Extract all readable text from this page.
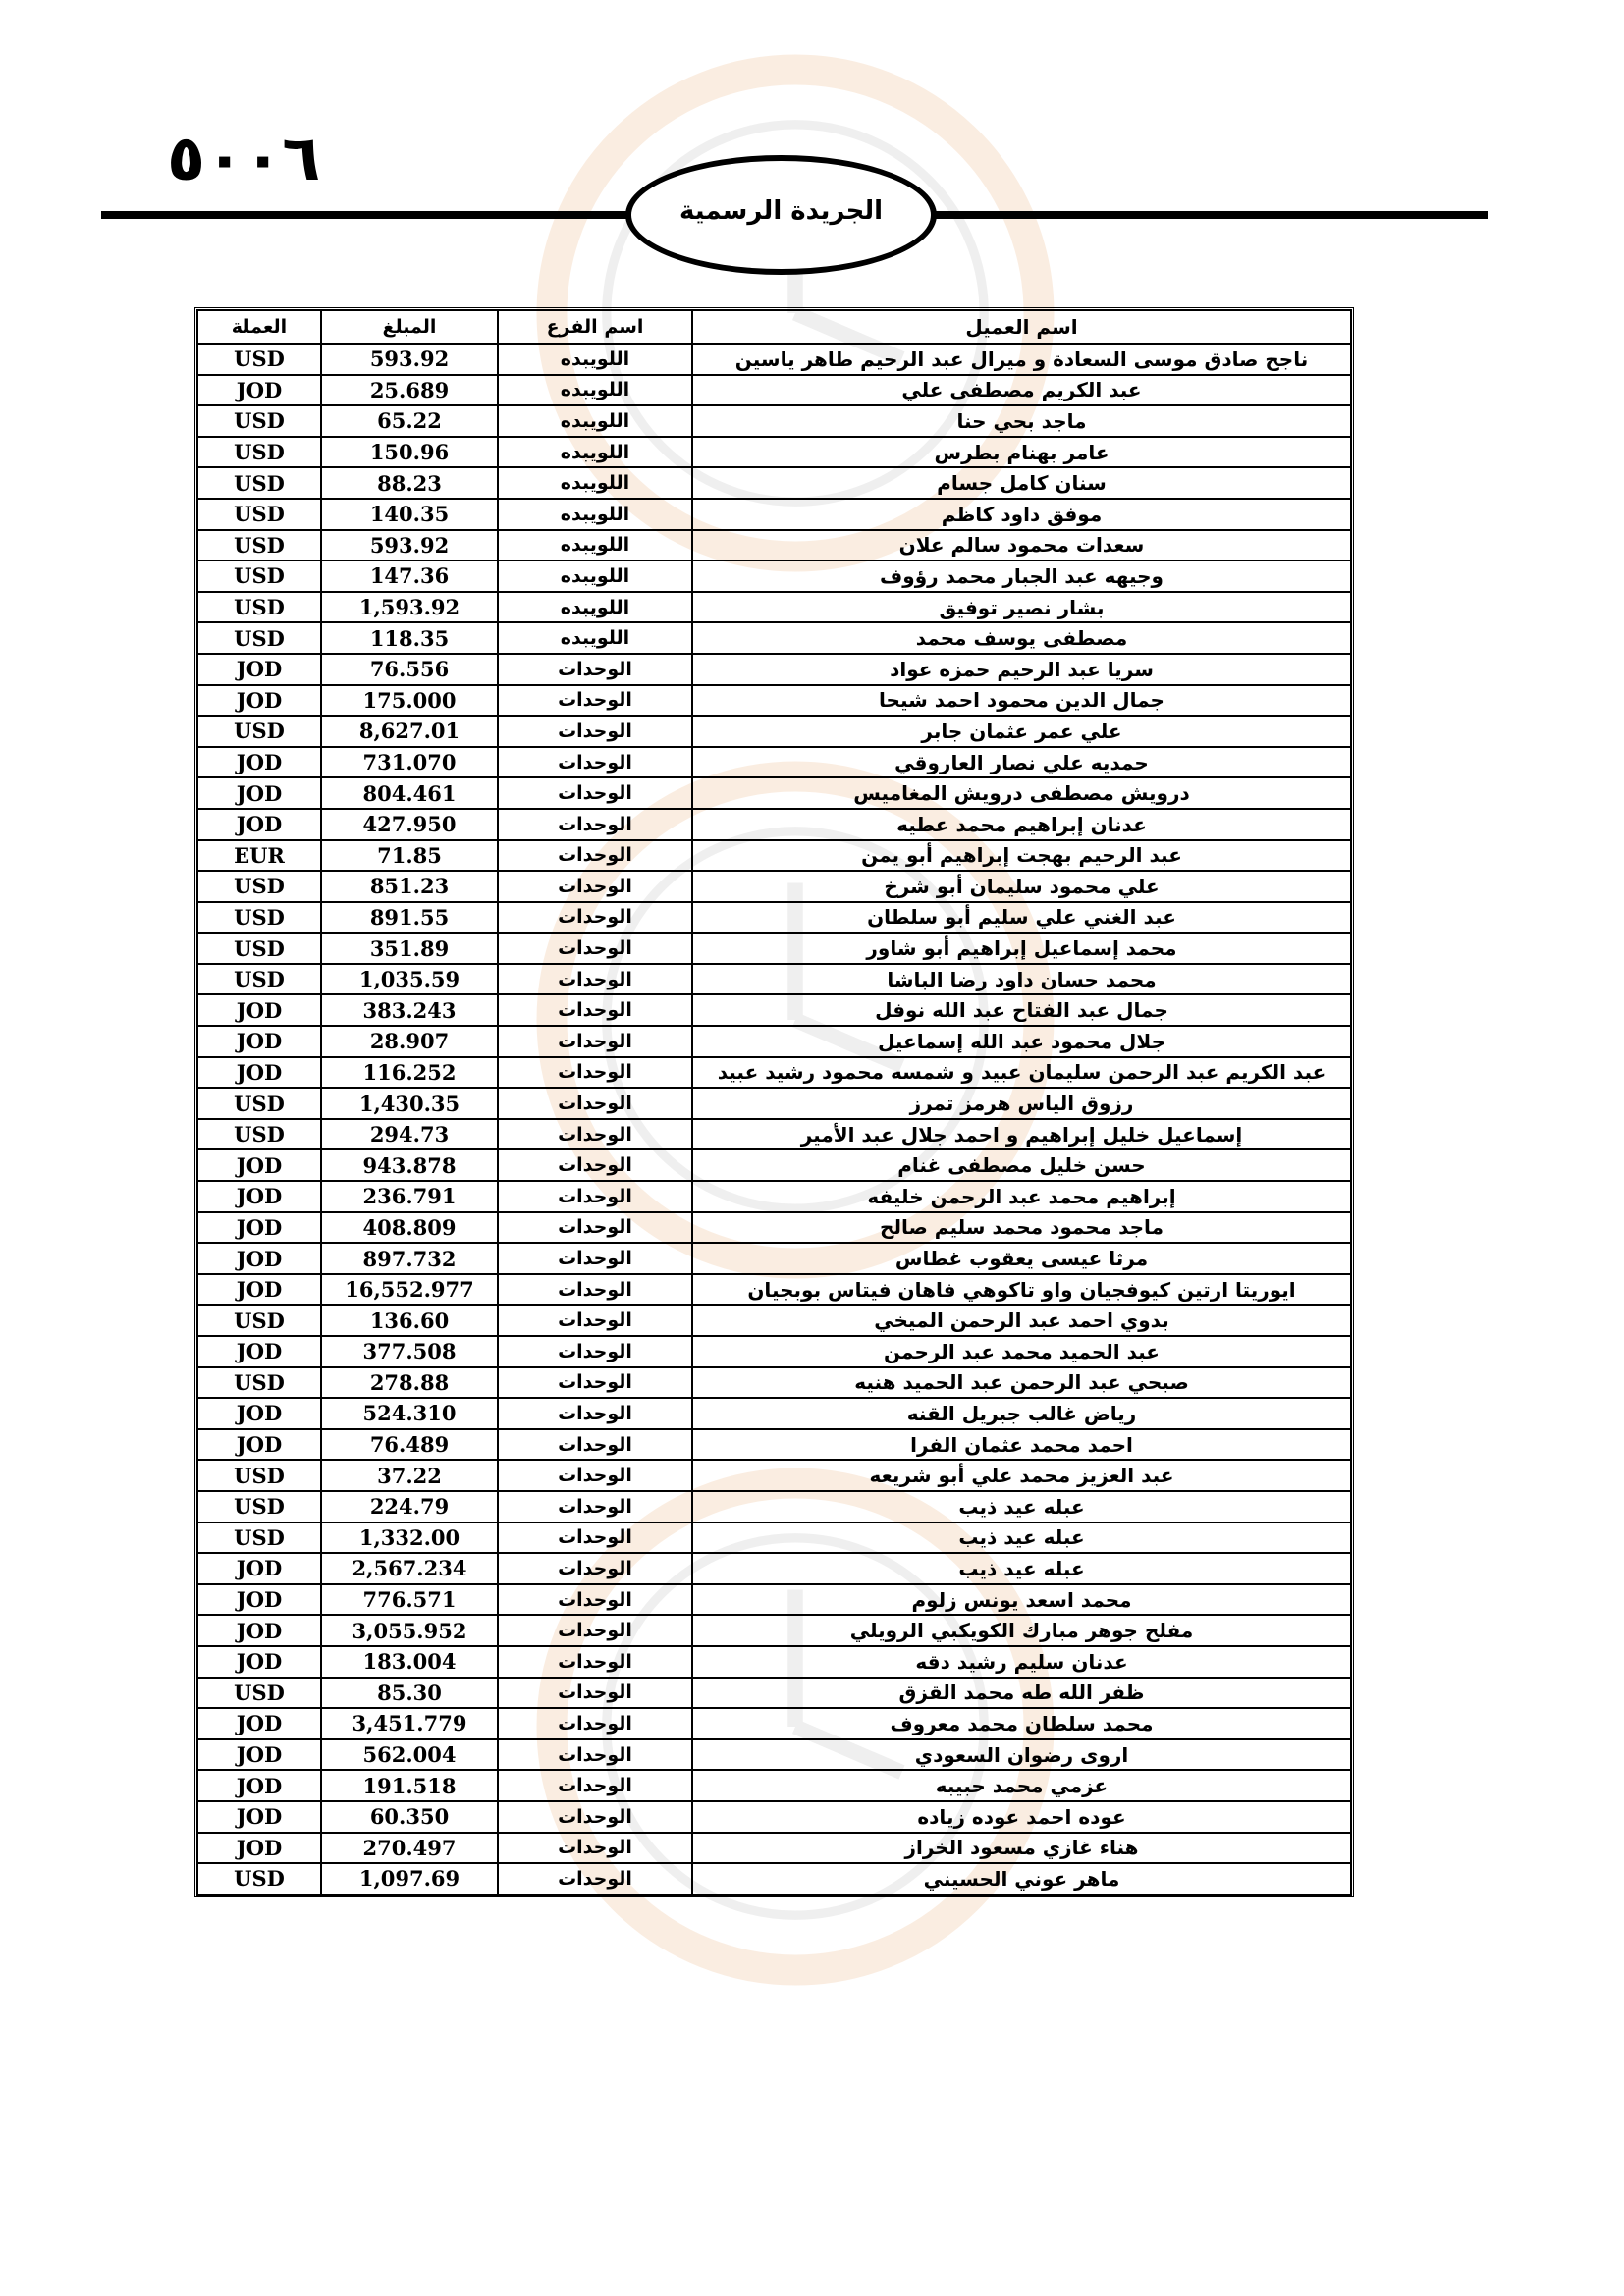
٥٠٠٦
الجريدة الرسمية
العملة	المبلغ	اسم الفرع	اسم العميل
USD	593.92	اللويبده	ناجح صادق موسى السعادة و ميرال عبد الرحيم طاهر ياسين
JOD	25.689	اللويبده	عبد الكريم مصطفى علي
USD	65.22	اللويبده	ماجد بحي حنا
USD	150.96	اللويبده	عامر بهنام بطرس
USD	88.23	اللويبده	سنان كامل جسام
USD	140.35	اللويبده	موفق داود كاظم
USD	593.92	اللويبده	سعدات محمود سالم علان
USD	147.36	اللويبده	وجيهه عبد الجبار محمد رؤوف
USD	1,593.92	اللويبده	بشار نصير توفيق
USD	118.35	اللويبده	مصطفى يوسف محمد
JOD	76.556	الوحدات	سريا عبد الرحيم حمزه عواد
JOD	175.000	الوحدات	جمال الدين محمود احمد شيحا
USD	8,627.01	الوحدات	علي عمر عثمان جابر
JOD	731.070	الوحدات	حمديه علي نصار العاروقي
JOD	804.461	الوحدات	درويش مصطفى درويش المغاميس
JOD	427.950	الوحدات	عدنان إبراهيم محمد عطيه
EUR	71.85	الوحدات	عبد الرحيم بهجت إبراهيم أبو يمن
USD	851.23	الوحدات	علي محمود سليمان أبو شرخ
USD	891.55	الوحدات	عبد الغني علي سليم أبو سلطان
USD	351.89	الوحدات	محمد إسماعيل إبراهيم أبو شاور
USD	1,035.59	الوحدات	محمد حسان داود رضا الباشا
JOD	383.243	الوحدات	جمال عبد الفتاح عبد الله نوفل
JOD	28.907	الوحدات	جلال محمود عبد الله إسماعيل
JOD	116.252	الوحدات	عبد الكريم عبد الرحمن سليمان عبيد و شمسه محمود رشيد عبيد
USD	1,430.35	الوحدات	رزوق الياس هرمز تمرز
USD	294.73	الوحدات	إسماعيل خليل إبراهيم و احمد جلال عبد الأمير
JOD	943.878	الوحدات	حسن خليل مصطفى غنام
JOD	236.791	الوحدات	إبراهيم محمد عبد الرحمن خليفه
JOD	408.809	الوحدات	ماجد محمود محمد سليم صالح
JOD	897.732	الوحدات	مرثا عيسى يعقوب غطاس
JOD	16,552.977	الوحدات	ايوريتا ارتين كيوفجيان واو تاكوهي فاهان فيتاس بوبجيان
USD	136.60	الوحدات	بدوي احمد عبد الرحمن الميخي
JOD	377.508	الوحدات	عبد الحميد محمد عبد الرحمن
USD	278.88	الوحدات	صبحي عبد الرحمن عبد الحميد هنيه
JOD	524.310	الوحدات	رياض غالب جبريل القنه
JOD	76.489	الوحدات	احمد محمد عثمان الفرا
USD	37.22	الوحدات	عبد العزيز محمد علي أبو شريعه
USD	224.79	الوحدات	عبله عيد ذيب
USD	1,332.00	الوحدات	عبله عيد ذيب
JOD	2,567.234	الوحدات	عبله عيد ذيب
JOD	776.571	الوحدات	محمد اسعد يونس زلوم
JOD	3,055.952	الوحدات	مفلح جوهر مبارك الكويكبي الرويلي
JOD	183.004	الوحدات	عدنان سليم رشيد دقه
USD	85.30	الوحدات	ظفر الله طه محمد القزق
JOD	3,451.779	الوحدات	محمد سلطان محمد معروف
JOD	562.004	الوحدات	اروى رضوان السعودي
JOD	191.518	الوحدات	عزمي محمد حبيبه
JOD	60.350	الوحدات	عوده احمد عوده زياده
JOD	270.497	الوحدات	هناء غازي مسعود الخراز
USD	1,097.69	الوحدات	ماهر عوني الحسيني
